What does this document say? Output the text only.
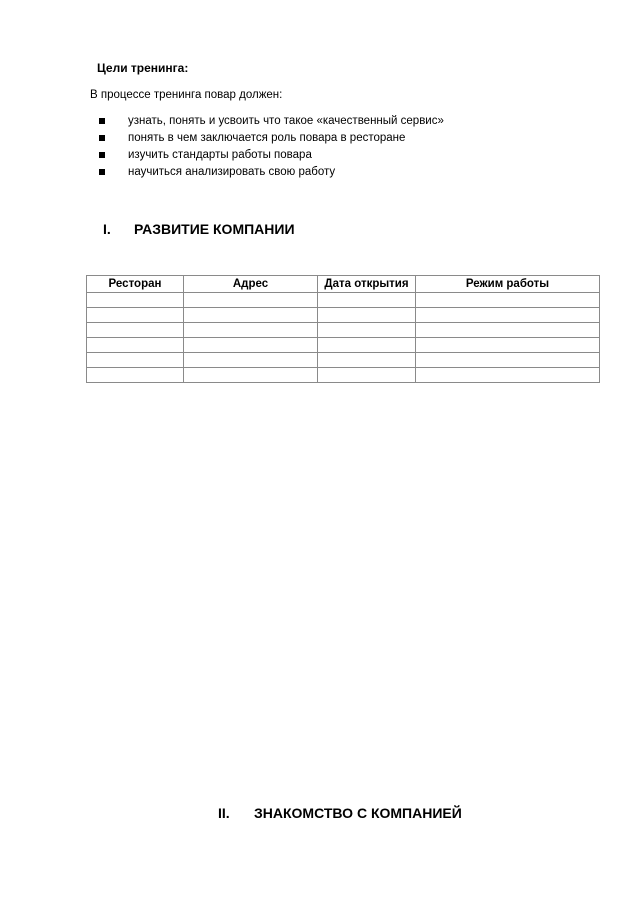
Цели тренинга:
В процессе тренинга повар должен:
узнать, понять и усвоить что такое «качественный сервис»
понять в чем заключается роль повара в ресторане
изучить стандарты работы повара
научиться анализировать свою работу
I. РАЗВИТИЕ КОМПАНИИ
Ресторан	Адрес	Дата открытия	Режим работы

II. ЗНАКОМСТВО С КОМПАНИЕЙ
